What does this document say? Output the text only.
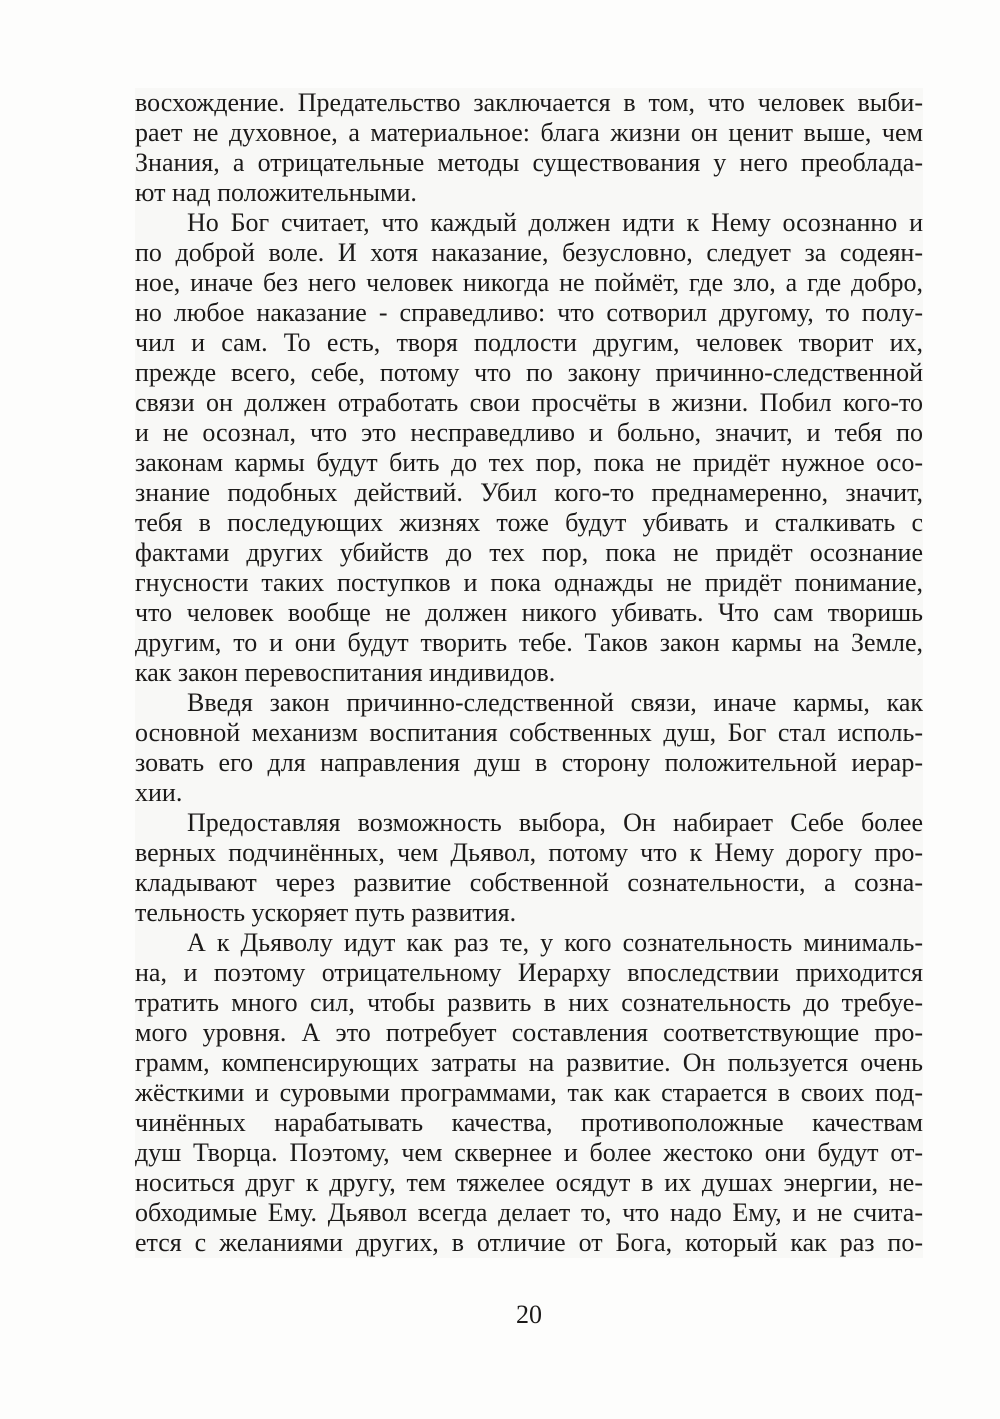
восхождение. Предательство заключается в том, что человек выби-
рает не духовное, а материальное: блага жизни он ценит выше, чем
Знания, а отрицательные методы существования у него преоблада-
ют над положительными.
Но Бог считает, что каждый должен идти к Нему осознанно и
по доброй воле. И хотя наказание, безусловно, следует за содеян-
ное, иначе без него человек никогда не поймёт, где зло, а где добро,
но любое наказание - справедливо: что сотворил другому, то полу-
чил и сам. То есть, творя подлости другим, человек творит их,
прежде всего, себе, потому что по закону причинно-следственной
связи он должен отработать свои просчёты в жизни. Побил кого-то
и не осознал, что это несправедливо и больно, значит, и тебя по
законам кармы будут бить до тех пор, пока не придёт нужное осо-
знание подобных действий. Убил кого-то преднамеренно, значит,
тебя в последующих жизнях тоже будут убивать и сталкивать с
фактами других убийств до тех пор, пока не придёт осознание
гнусности таких поступков и пока однажды не придёт понимание,
что человек вообще не должен никого убивать. Что сам творишь
другим, то и они будут творить тебе. Таков закон кармы на Земле,
как закон перевоспитания индивидов.
Введя закон причинно-следственной связи, иначе кармы, как
основной механизм воспитания собственных душ, Бог стал исполь-
зовать его для направления душ в сторону положительной иерар-
хии.
Предоставляя возможность выбора, Он набирает Себе более
верных подчинённых, чем Дьявол, потому что к Нему дорогу про-
кладывают через развитие собственной сознательности, а созна-
тельность ускоряет путь развития.
А к Дьяволу идут как раз те, у кого сознательность минималь-
на, и поэтому отрицательному Иерарху впоследствии приходится
тратить много сил, чтобы развить в них сознательность до требуе-
мого уровня. А это потребует составления соответствующие про-
грамм, компенсирующих затраты на развитие. Он пользуется очень
жёсткими и суровыми программами, так как старается в своих под-
чинённых нарабатывать качества, противоположные качествам
душ Творца. Поэтому, чем сквернее и более жестоко они будут от-
носиться друг к другу, тем тяжелее осядут в их душах энергии, не-
обходимые Ему. Дьявол всегда делает то, что надо Ему, и не счита-
ется с желаниями других, в отличие от Бога, который как раз по-
20
